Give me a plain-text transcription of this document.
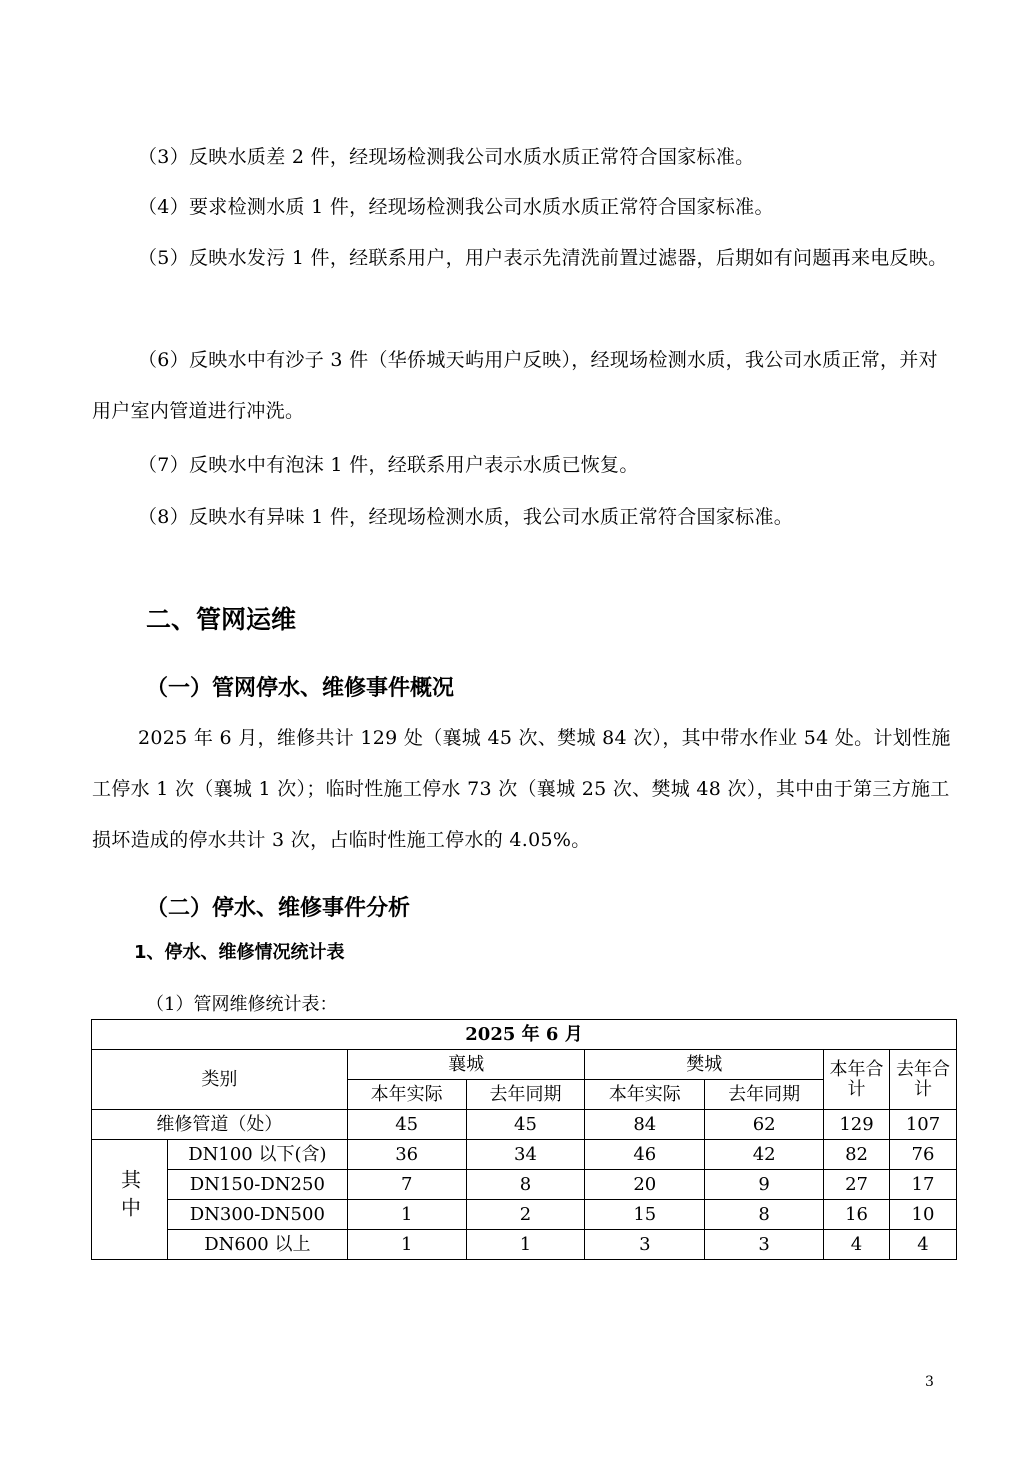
（3）反映水质差 2 件，经现场检测我公司水质水质正常符合国家标准。

（4）要求检测水质 1 件，经现场检测我公司水质水质正常符合国家标准。

（5）反映水发污 1 件，经联系用户，用户表示先清洗前置过滤器，后期如有问题再来电反映。

（6）反映水中有沙子 3 件（华侨城天屿用户反映），经现场检测水质，我公司水质正常，并对用户室内管道进行冲洗。

（7）反映水中有泡沫 1 件，经联系用户表示水质已恢复。

（8）反映水有异味 1 件，经现场检测水质，我公司水质正常符合国家标准。

二、管网运维
（一）管网停水、维修事件概况

2025 年 6 月，维修共计 129 处（襄城 45 次、樊城 84 次），其中带水作业 54 处。计划性施工停水 1 次（襄城 1 次）；临时性施工停水 73 次（襄城 25 次、樊城 48 次），其中由于第三方施工损坏造成的停水共计 3 次，占临时性施工停水的 4.05%。

（二）停水、维修事件分析
1、停水、维修情况统计表

（1）管网维修统计表：

2025 年 6 月							
类别		襄城		樊城		本年合计	去年合计
		本年实际	去年同期	本年实际	去年同期		
维修管道（处）		45	45	84	62	129	107
其中	DN100 以下(含)	36	34	46	42	82	76
	DN150-DN250	7	8	20	9	27	17
	DN300-DN500	1	2	15	8	16	10
	DN600 以上	1	1	3	3	4	4

3
